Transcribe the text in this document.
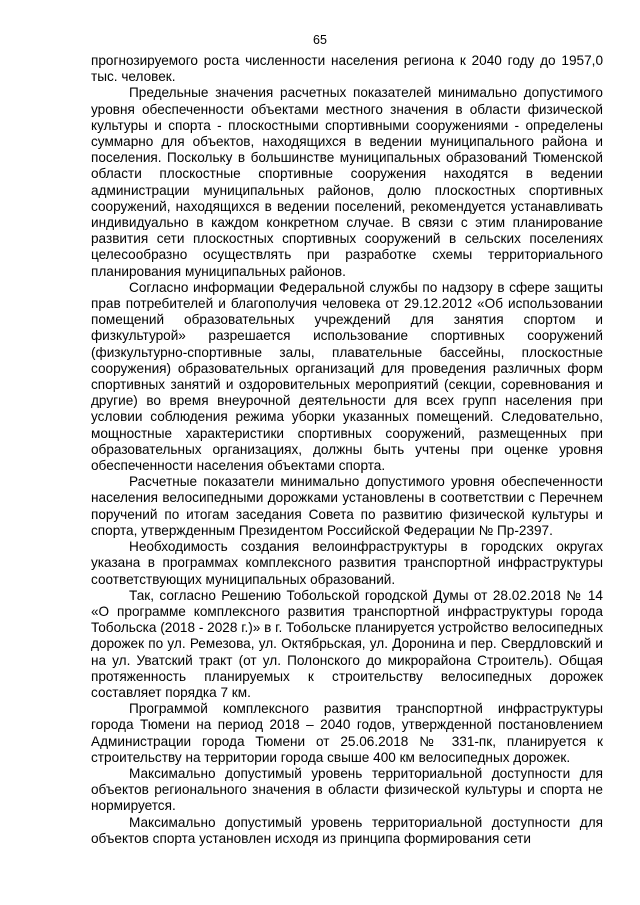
65

прогнозируемого роста численности населения региона к 2040 году до 1957,0 тыс. человек.

Предельные значения расчетных показателей минимально допустимого уровня обеспеченности объектами местного значения в области физической культуры и спорта - плоскостными спортивными сооружениями - определены суммарно для объектов, находящихся в ведении муниципального района и поселения. Поскольку в большинстве муниципальных образований Тюменской области плоскостные спортивные сооружения находятся в ведении администрации муниципальных районов, долю плоскостных спортивных сооружений, находящихся в ведении поселений, рекомендуется устанавливать индивидуально в каждом конкретном случае. В связи с этим планирование развития сети плоскостных спортивных сооружений в сельских поселениях целесообразно осуществлять при разработке схемы территориального планирования муниципальных районов.

Согласно информации Федеральной службы по надзору в сфере защиты прав потребителей и благополучия человека от 29.12.2012 «Об использовании помещений образовательных учреждений для занятия спортом и физкультурой» разрешается использование спортивных сооружений (физкультурно-спортивные залы, плавательные бассейны, плоскостные сооружения) образовательных организаций для проведения различных форм спортивных занятий и оздоровительных мероприятий (секции, соревнования и другие) во время внеурочной деятельности для всех групп населения при условии соблюдения режима уборки указанных помещений. Следовательно, мощностные характеристики спортивных сооружений, размещенных при образовательных организациях, должны быть учтены при оценке уровня обеспеченности населения объектами спорта.

Расчетные показатели минимально допустимого уровня обеспеченности населения велосипедными дорожками установлены в соответствии с Перечнем поручений по итогам заседания Совета по развитию физической культуры и спорта, утвержденным Президентом Российской Федерации № Пр-2397.

Необходимость создания велоинфраструктуры в городских округах указана в программах комплексного развития транспортной инфраструктуры соответствующих муниципальных образований.

Так, согласно Решению Тобольской городской Думы от 28.02.2018 № 14 «О программе комплексного развития транспортной инфраструктуры города Тобольска (2018 - 2028 г.)» в г. Тобольске планируется устройство велосипедных дорожек по ул. Ремезова, ул. Октябрьская, ул. Доронина и пер. Свердловский и на ул. Уватский тракт (от ул. Полонского до микрорайона Строитель). Общая протяженность планируемых к строительству велосипедных дорожек составляет порядка 7 км.

Программой комплексного развития транспортной инфраструктуры города Тюмени на период 2018 – 2040 годов, утвержденной постановлением Администрации города Тюмени от 25.06.2018 № 331-пк, планируется к строительству на территории города свыше 400 км велосипедных дорожек.

Максимально допустимый уровень территориальной доступности для объектов регионального значения в области физической культуры и спорта не нормируется.

Максимально допустимый уровень территориальной доступности для объектов спорта установлен исходя из принципа формирования сети
